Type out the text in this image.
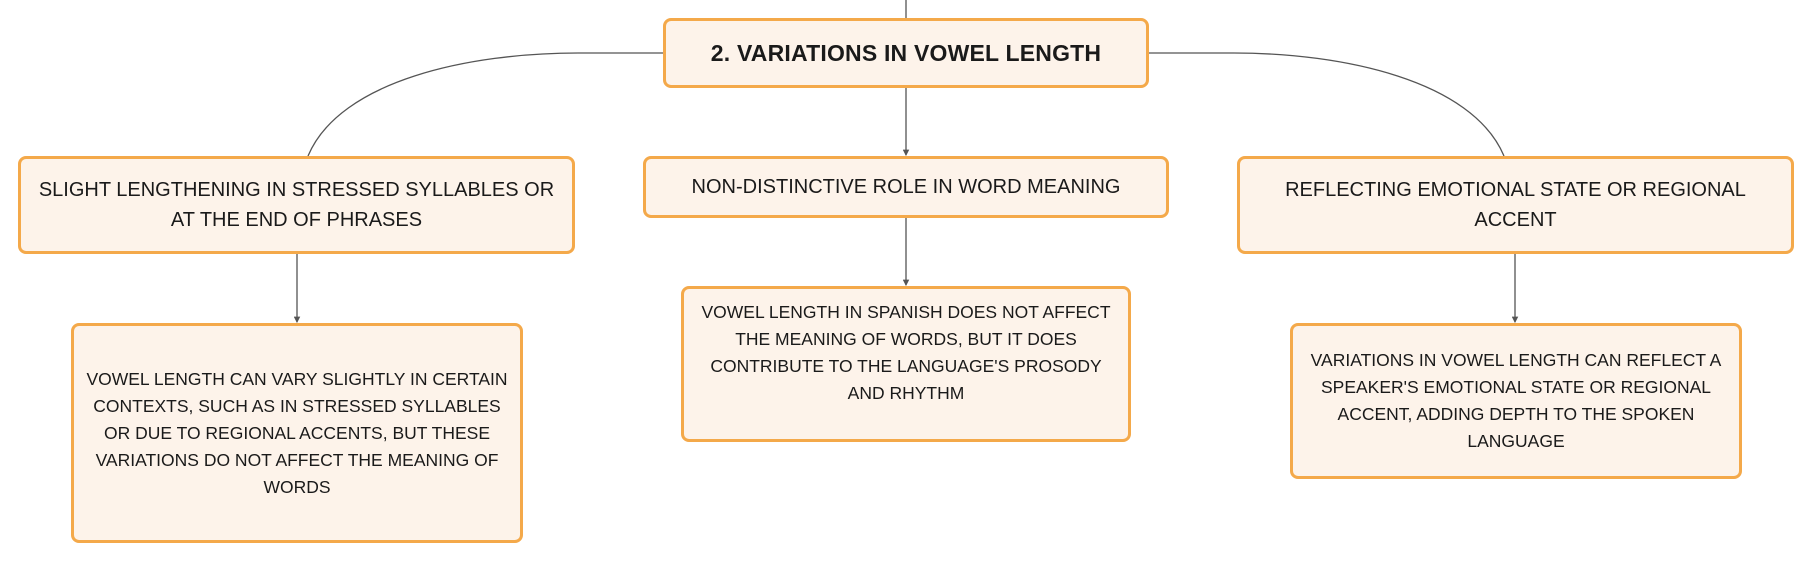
2. VARIATIONS IN VOWEL LENGTH
SLIGHT LENGTHENING IN STRESSED SYLLABLES OR AT THE END OF PHRASES
NON-DISTINCTIVE ROLE IN WORD MEANING	REFLECTING EMOTIONAL STATE OR REGIONAL ACCENT
VOWEL LENGTH CAN VARY SLIGHTLY IN CERTAIN CONTEXTS, SUCH AS IN STRESSED SYLLABLES OR DUE TO REGIONAL ACCENTS, BUT THESE VARIATIONS DO NOT AFFECT THE MEANING OF WORDS
VOWEL LENGTH IN SPANISH DOES NOT AFFECT THE MEANING OF WORDS, BUT IT DOES CONTRIBUTE TO THE LANGUAGE'S PROSODY AND RHYTHM
VARIATIONS IN VOWEL LENGTH CAN REFLECT A SPEAKER'S EMOTIONAL STATE OR REGIONAL ACCENT, ADDING DEPTH TO THE SPOKEN LANGUAGE
